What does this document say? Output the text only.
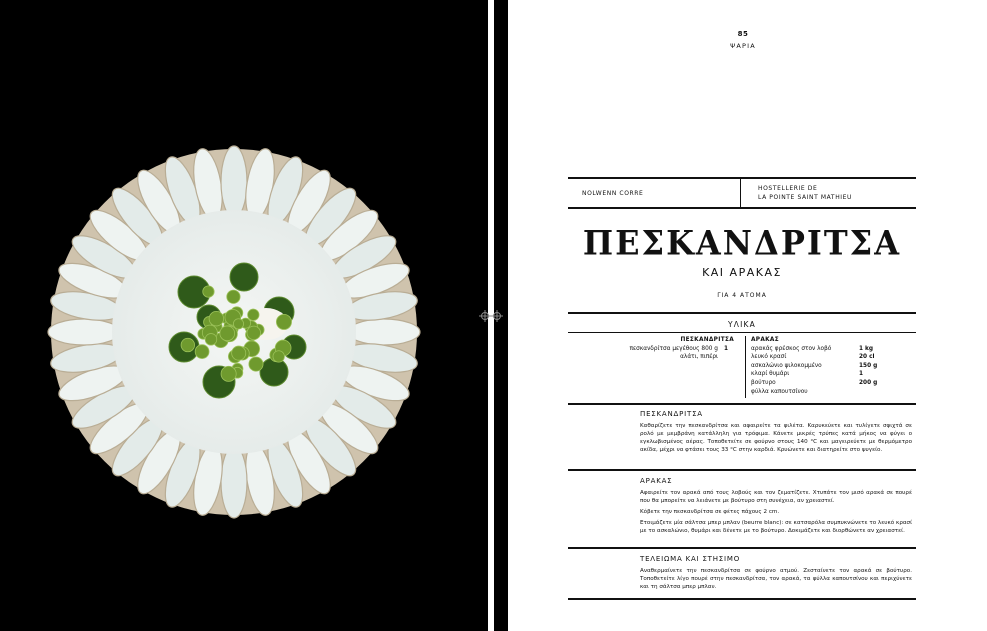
85
ΨΑΡΙΑ
NOLWENN CORRE
HOSTELLERIE DE
LA POINTE SAINT MATHIEU
ΠΕΣΚΑΝΔΡΙΤΣΑ
ΚΑΙ ΑΡΑΚΑΣ
ΓΙΑ 4 ΑΤΟΜΑ
ΥΛΙΚΑ
ΠΕΣΚΑΝΔΡΙΤΣΑ
πεσκανδρίτσα μεγέθους 800 g 1
αλάτι, πιπέρι
ΑΡΑΚΑΣ
αρακάς φρέσκος στον λοβό	1 kg
λευκό κρασί	20 cl
ασκαλώνιο ψιλοκομμένο	150 g
κλαρί θυμάρι	1
βούτυρο	200 g
φύλλα καπουτσίνου
ΠΕΣΚΑΝΔΡΙΤΣΑ

Καθαρίζετε την πεσκανδρίτσα και αφαιρείτε τα φιλέτα. Καρυκεύετε και τυλίγετε σφιχτά σε ρολό με μεμβράνη κατάλληλη για τρόφιμα. Κάνετε μικρές τρύπες κατά μήκος να φύγει ο εγκλωβισμένος αέρας. Τοποθετείτε σε φούρνο στους 140 °C και μαγειρεύετε με θερμόμετρο ακίδα, μέχρι να φτάσει τους 33 °C στην καρδιά. Κρυώνετε και διατηρείτε στο ψυγείο.

ΑΡΑΚΑΣ

Αφαιρείτε τον αρακά από τους λοβούς και τον ζεματίζετε. Χτυπάτε τον μισό αρακά σε πουρέ που θα μπορείτε να λειάνετε με βούτυρο στη συνέχεια, αν χρειαστεί.

Κόβετε την πεσκανδρίτσα σε φέτες πάχους 2 cm.

Ετοιμάζετε μία σάλτσα μπερ μπλαν (beurre blanc): σε κατσαρόλα συμπυκνώνετε το λευκό κρασί με το ασκαλώνιο, θυμάρι και δένετε με το βούτυρο. Δοκιμάζετε και διορθώνετε αν χρειαστεί.

ΤΕΛΕΙΩΜΑ ΚΑΙ ΣΤΗΣΙΜΟ

Αναθερμαίνετε την πεσκανδρίτσα σε φούρνο ατμού. Ζεσταίνετε τον αρακά σε βούτυρο. Τοποθετείτε λίγο πουρέ στην πεσκανδρίτσα, τον αρακά, τα φύλλα καπουτσίνου και περιχύνετε και τη σάλτσα μπερ μπλαν.
